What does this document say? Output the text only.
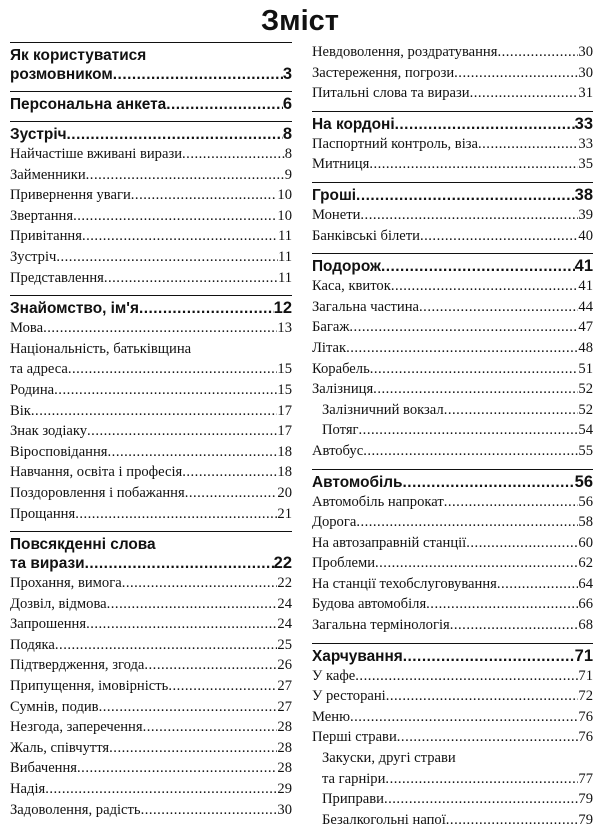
Зміст
Як користуватися
розмовником .....	3
Персональна анкета .....	6
Зустріч .....	8
Найчастіше вживані вирази .....	8
Займенники .....	9
Привернення уваги .....	10
Звертання .....	10
Привітання .....	11
Зустріч .....	11
Представлення .....	11
Знайомство, ім'я .....	12
Мова .....	13
Національність, батьківщина
та адреса .....	15
Родина .....	15
Вік .....	17
Знак зодіаку .....	17
Віросповідання .....	18
Навчання, освіта і професія .....	18
Поздоровлення і побажання .....	20
Прощання .....	21
Повсякденні слова
та вирази .....	22
Прохання, вимога .....	22
Дозвіл, відмова .....	24
Запрошення .....	24
Подяка .....	25
Підтвердження, згода .....	26
Припущення, імовірність .....	27
Сумнів, подив .....	27
Незгода, заперечення .....	28
Жаль, співчуття .....	28
Вибачення .....	28
Надія .....	29
Задоволення, радість .....	30
Невдоволення, роздратування .....	30
Застереження, погрози .....	30
Питальні слова та вирази .....	31
На кордоні .....	33
Паспортний контроль, віза .....	33
Митниця .....	35
Гроші .....	38
Монети .....	39
Банківські білети .....	40
Подорож .....	41
Каса, квиток .....	41
Загальна частина .....	44
Багаж .....	47
Літак .....	48
Корабель .....	51
Залізниця .....	52
Залізничний вокзал .....	52
Потяг .....	54
Автобус .....	55
Автомобіль .....	56
Автомобіль напрокат .....	56
Дорога .....	58
На автозаправній станції .....	60
Проблеми .....	62
На станції техобслуговування .....	64
Будова автомобіля .....	66
Загальна термінологія .....	68
Харчування .....	71
У кафе .....	71
У ресторані .....	72
Меню .....	76
Перші страви .....	76
Закуски, другі страви
та гарніри .....	77
Приправи .....	79
Безалкогольні напої .....	79
